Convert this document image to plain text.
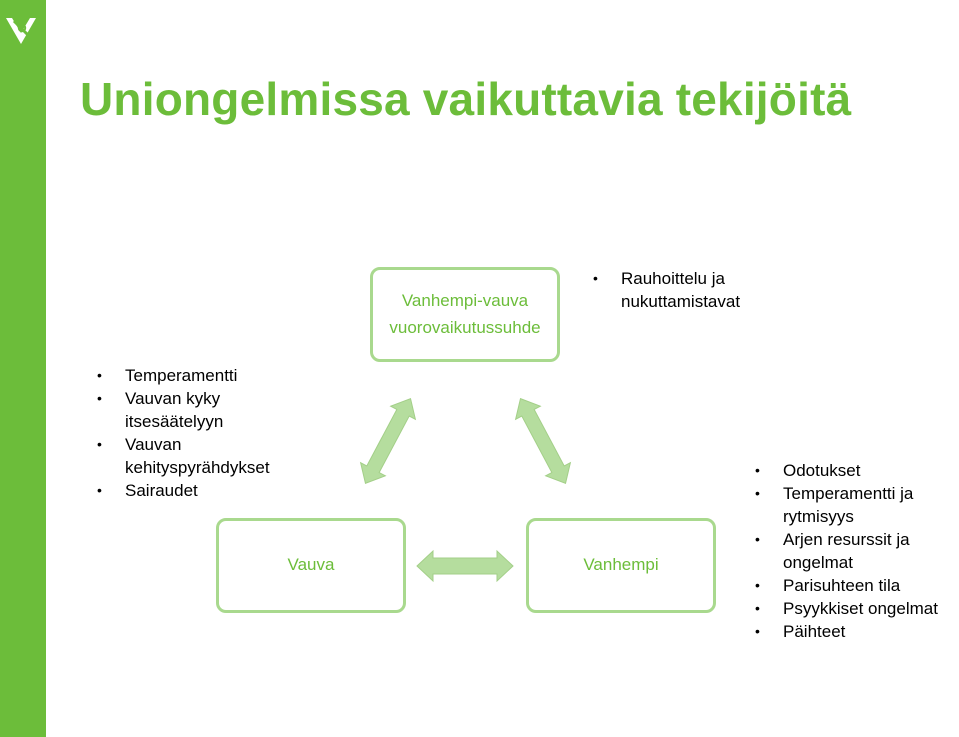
Uniongelmissa vaikuttavia tekijöitä
Vanhempi-vauva
vuorovaikutussuhde
Vauva	Vanhempi
• Rauhoittelu ja nukuttamistavat
• Temperamentti
• Vauvan kyky itsesäätelyyn
• Vauvan kehityspyrähdykset
• Sairaudet
• Odotukset
• Temperamentti ja rytmisyys
• Arjen resurssit ja ongelmat
• Parisuhteen tila
• Psyykkiset ongelmat
• Päihteet
